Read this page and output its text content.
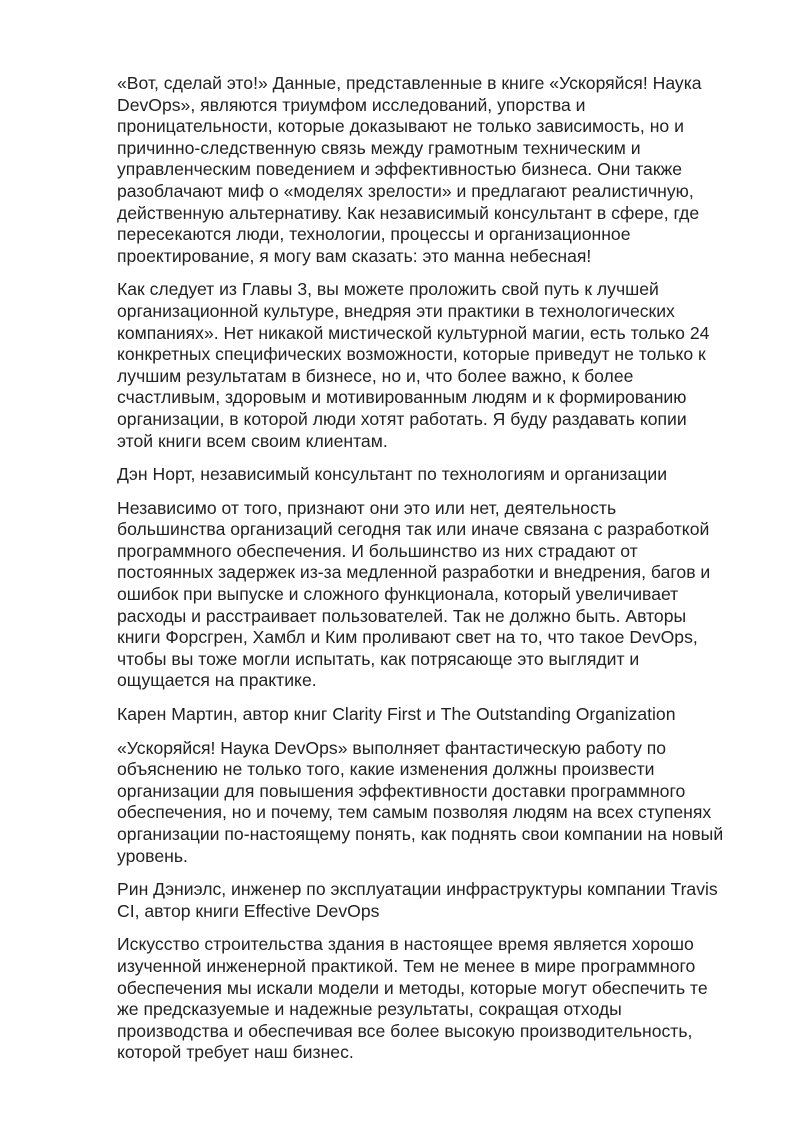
«Вот, сделай это!» Данные, представленные в книге «Ускоряйся! Наука
DevOps», являются триумфом исследований, упорства и
проницательности, которые доказывают не только зависимость, но и
причинно-следственную связь между грамотным техническим и
управленческим поведением и эффективностью бизнеса. Они также
разоблачают миф о «моделях зрелости» и предлагают реалистичную,
действенную альтернативу. Как независимый консультант в сфере, где
пересекаются люди, технологии, процессы и организационное
проектирование, я могу вам сказать: это манна небесная!
Как следует из Главы 3, вы можете проложить свой путь к лучшей
организационной культуре, внедряя эти практики в технологических
компаниях». Нет никакой мистической культурной магии, есть только 24
конкретных специфических возможности, которые приведут не только к
лучшим результатам в бизнесе, но и, что более важно, к более
счастливым, здоровым и мотивированным людям и к формированию
организации, в которой люди хотят работать. Я буду раздавать копии
этой книги всем своим клиентам.
Дэн Норт, независимый консультант по технологиям и организации
Независимо от того, признают они это или нет, деятельность
большинства организаций сегодня так или иначе связана с разработкой
программного обеспечения. И большинство из них страдают от
постоянных задержек из-за медленной разработки и внедрения, багов и
ошибок при выпуске и сложного функционала, который увеличивает
расходы и расстраивает пользователей. Так не должно быть. Авторы
книги Форсгрен, Хамбл и Ким проливают свет на то, что такое DevOps,
чтобы вы тоже могли испытать, как потрясающе это выглядит и
ощущается на практике.
Карен Мартин, автор книг Clarity First и The Outstanding Organization
«Ускоряйся! Наука DevOps» выполняет фантастическую работу по
объяснению не только того, какие изменения должны произвести
организации для повышения эффективности доставки программного
обеспечения, но и почему, тем самым позволяя людям на всех ступенях
организации по-настоящему понять, как поднять свои компании на новый
уровень.
Рин Дэниэлс, инженер по эксплуатации инфраструктуры компании Travis
CI, автор книги Effective DevOps
Искусство строительства здания в настоящее время является хорошо
изученной инженерной практикой. Тем не менее в мире программного
обеспечения мы искали модели и методы, которые могут обеспечить те
же предсказуемые и надежные результаты, сокращая отходы
производства и обеспечивая все более высокую производительность,
которой требует наш бизнес.
